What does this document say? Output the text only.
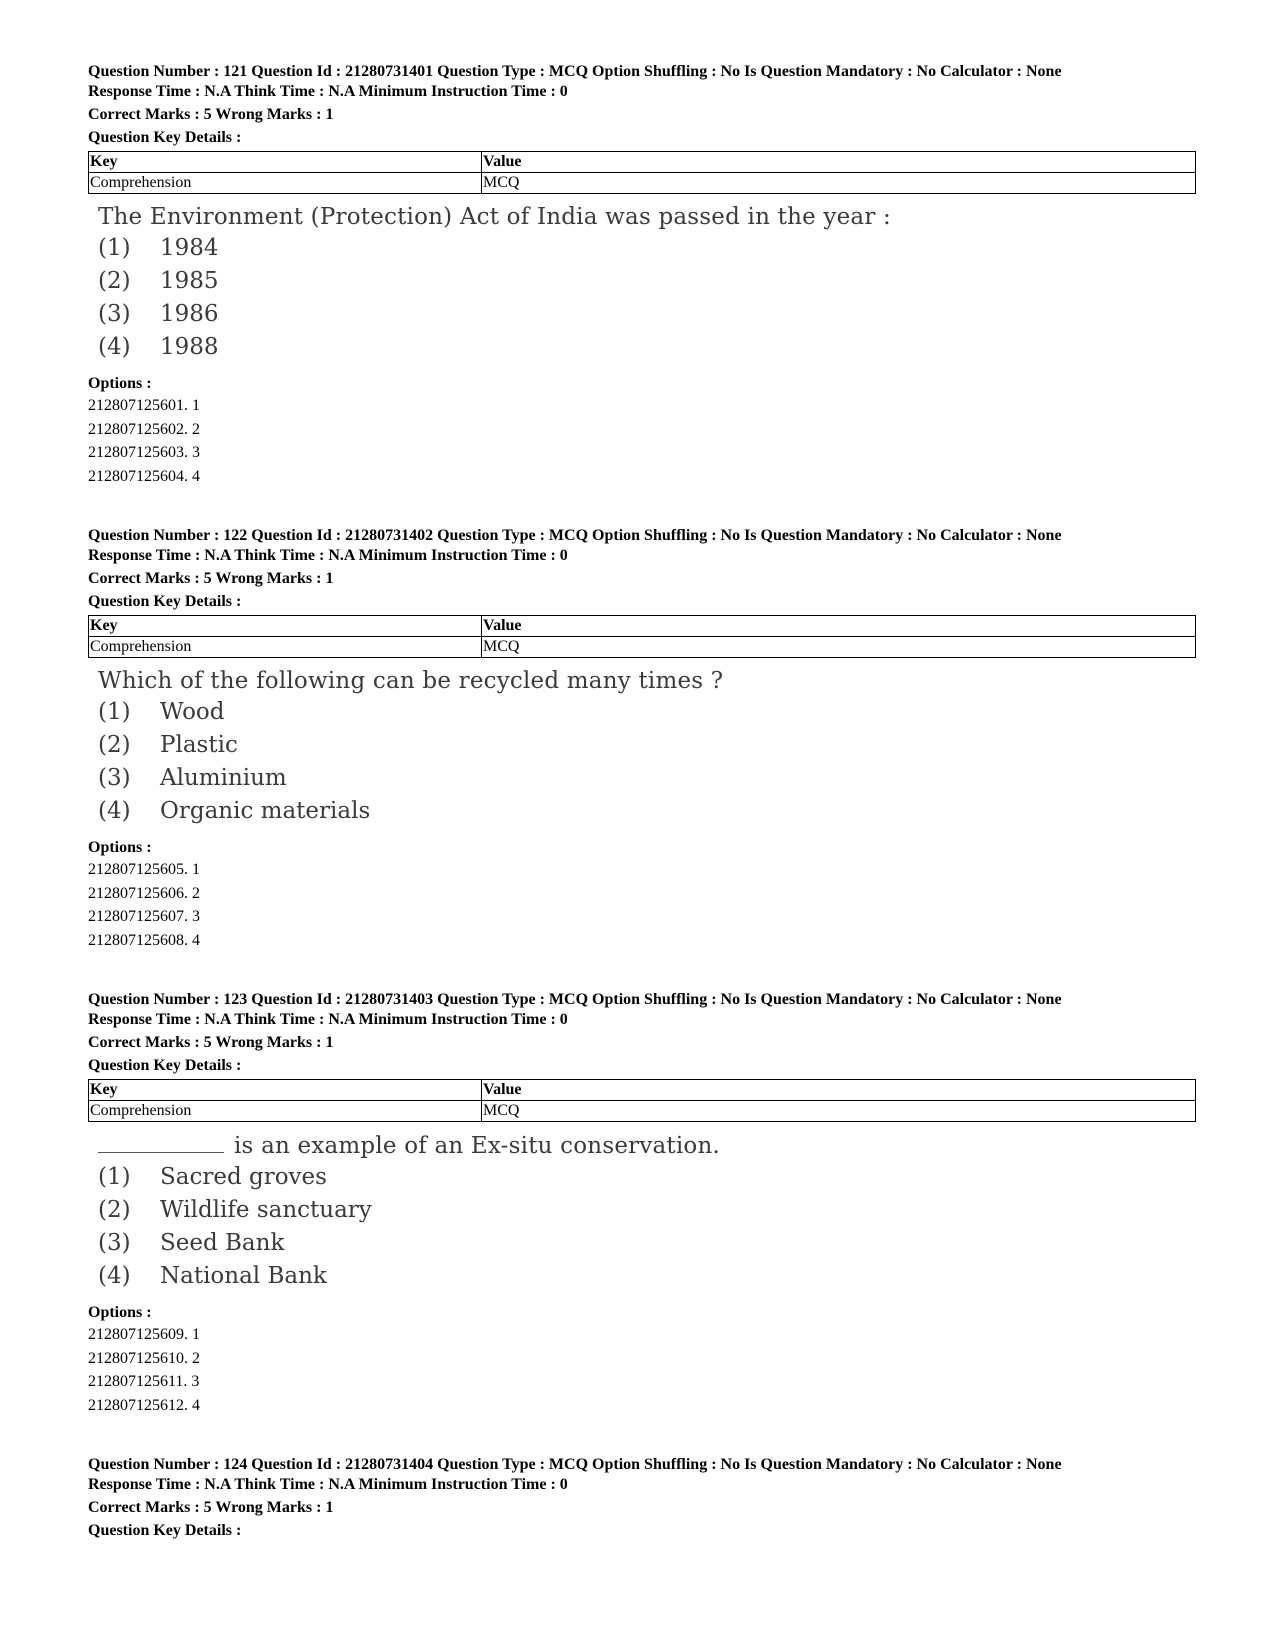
Question Number : 121 Question Id : 21280731401 Question Type : MCQ Option Shuffling : No Is Question Mandatory : No Calculator : None
Response Time : N.A Think Time : N.A Minimum Instruction Time : 0
Correct Marks : 5 Wrong Marks : 1
Question Key Details :
Key	Value
Comprehension	MCQ
The Environment (Protection) Act of India was passed in the year :
(1)	1984
(2)	1985
(3)	1986
(4)	1988
Options :
212807125601. 1
212807125602. 2
212807125603. 3
212807125604. 4
Question Number : 122 Question Id : 21280731402 Question Type : MCQ Option Shuffling : No Is Question Mandatory : No Calculator : None
Response Time : N.A Think Time : N.A Minimum Instruction Time : 0
Correct Marks : 5 Wrong Marks : 1
Question Key Details :
Key	Value
Comprehension	MCQ
Which of the following can be recycled many times ?
(1)	Wood
(2)	Plastic
(3)	Aluminium
(4)	Organic materials
Options :
212807125605. 1
212807125606. 2
212807125607. 3
212807125608. 4
Question Number : 123 Question Id : 21280731403 Question Type : MCQ Option Shuffling : No Is Question Mandatory : No Calculator : None
Response Time : N.A Think Time : N.A Minimum Instruction Time : 0
Correct Marks : 5 Wrong Marks : 1
Question Key Details :
Key	Value
Comprehension	MCQ
is an example of an Ex-situ conservation.
(1)	Sacred groves
(2)	Wildlife sanctuary
(3)	Seed Bank
(4)	National Bank
Options :
212807125609. 1
212807125610. 2
212807125611. 3
212807125612. 4
Question Number : 124 Question Id : 21280731404 Question Type : MCQ Option Shuffling : No Is Question Mandatory : No Calculator : None
Response Time : N.A Think Time : N.A Minimum Instruction Time : 0
Correct Marks : 5 Wrong Marks : 1
Question Key Details :
